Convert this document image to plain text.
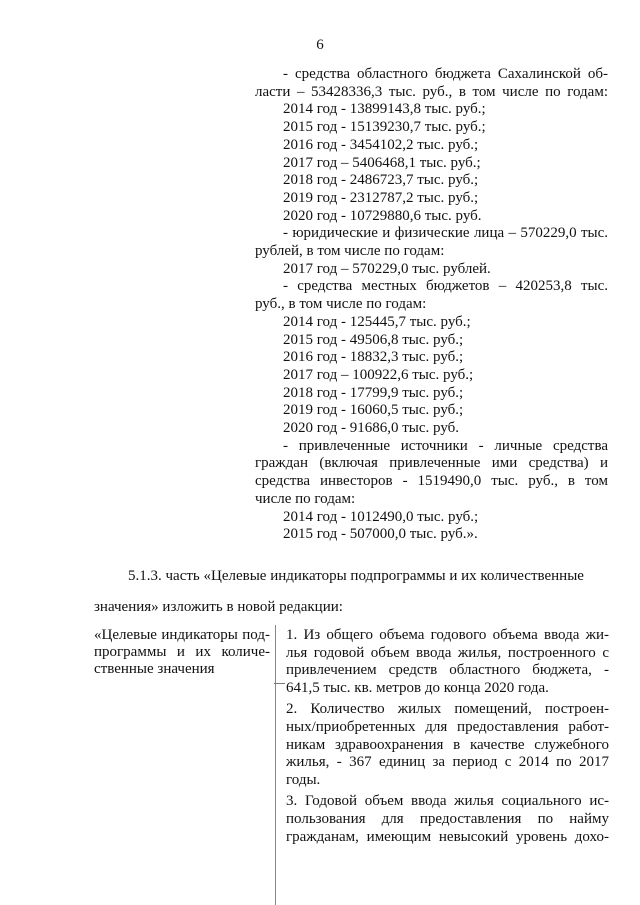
6
- средства областного бюджета Сахалинской об-
ласти – 53428336,3 тыс. руб., в том числе по годам:
2014 год - 13899143,8 тыс. руб.;
2015 год - 15139230,7 тыс. руб.;
2016 год - 3454102,2 тыс. руб.;
2017 год – 5406468,1 тыс. руб.;
2018 год - 2486723,7 тыс. руб.;
2019 год - 2312787,2 тыс. руб.;
2020 год - 10729880,6 тыс. руб.
- юридические и физические лица – 570229,0 тыс.
рублей, в том числе по годам:
2017 год – 570229,0 тыс. рублей.
- средства местных бюджетов – 420253,8 тыс.
руб., в том числе по годам:
2014 год - 125445,7 тыс. руб.;
2015 год - 49506,8 тыс. руб.;
2016 год - 18832,3 тыс. руб.;
2017 год – 100922,6 тыс. руб.;
2018 год - 17799,9 тыс. руб.;
2019 год - 16060,5 тыс. руб.;
2020 год - 91686,0 тыс. руб.
- привлеченные источники - личные средства
граждан (включая привлеченные ими средства) и
средства инвесторов - 1519490,0 тыс. руб., в том
числе по годам:
2014 год - 1012490,0 тыс. руб.;
2015 год - 507000,0 тыс. руб.».
5.1.3. часть «Целевые индикаторы подпрограммы и их количественные
значения» изложить в новой редакции:
«Целевые индикаторы под-
программы и их количе-
ственные значения
1. Из общего объема годового объема ввода жи-
лья годовой объем ввода жилья, построенного с
привлечением средств областного бюджета, -
641,5 тыс. кв. метров до конца 2020 года.
2. Количество жилых помещений, построен-
ных/приобретенных для предоставления работ-
никам здравоохранения в качестве служебного
жилья, - 367 единиц за период с 2014 по 2017
годы.
3. Годовой объем ввода жилья социального ис-
пользования для предоставления по найму
гражданам, имеющим невысокий уровень дохо-
